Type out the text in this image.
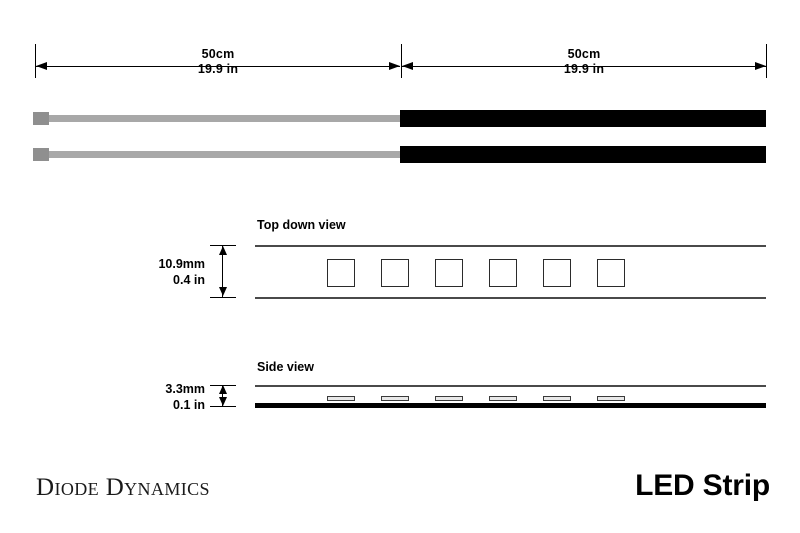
50cm
19.9 in
50cm
19.9 in
Top down view
10.9mm
0.4 in
Side view
3.3mm
0.1 in
Diode Dynamics	LED Strip
